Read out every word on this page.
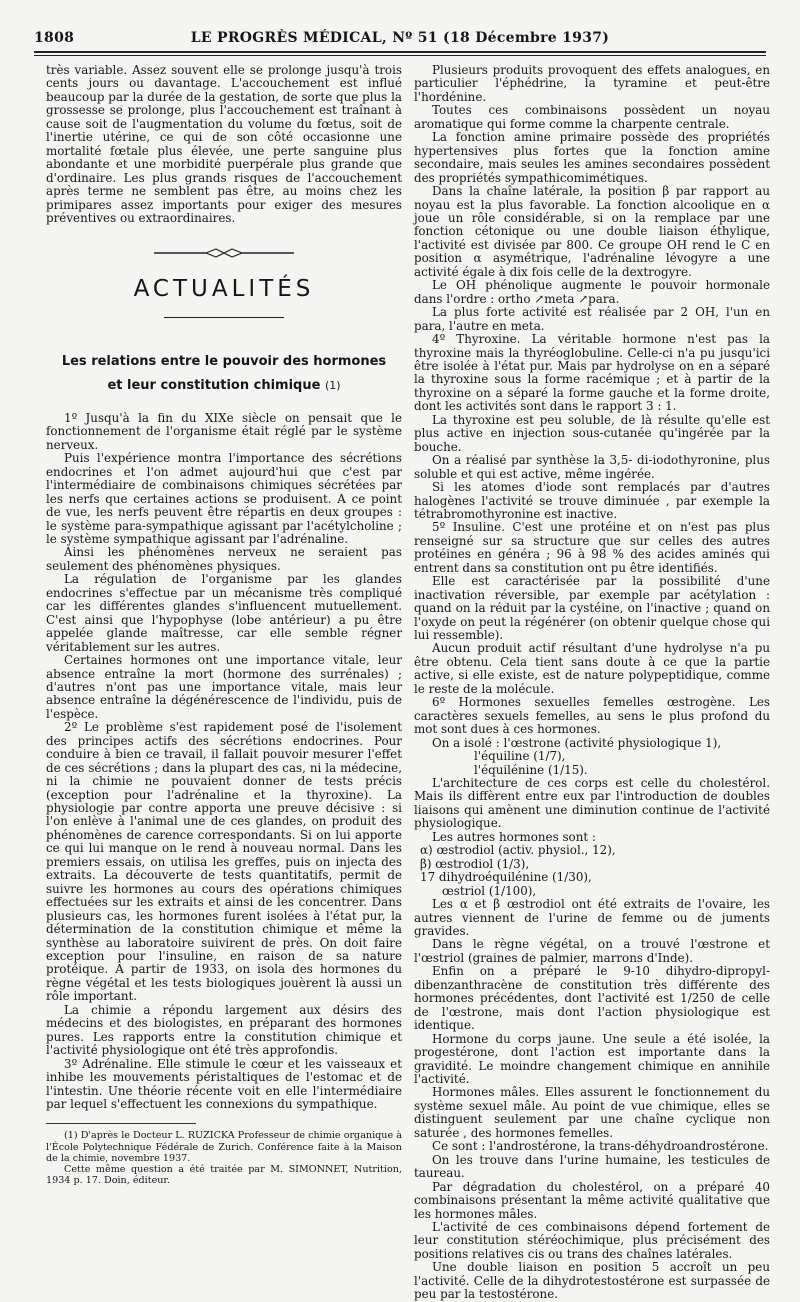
1808	LE PROGRÈS MÉDICAL, Nº 51 (18 Décembre 1937)

très variable. Assez souvent elle se prolonge jusqu'à trois cents jours ou davantage. L'accouchement est influé beaucoup par la durée de la gestation, de sorte que plus la grossesse se prolonge, plus l'accouchement est traînant à cause soit de l'augmentation du volume du fœtus, soit de l'inertie utérine, ce qui de son côté occasionne une mortalité fœtale plus élevée, une perte sanguine plus abondante et une morbidité puerpérale plus grande que d'ordinaire. Les plus grands risques de l'accouchement après terme ne semblent pas être, au moins chez les primipares assez importants pour exiger des mesures préventives ou extraordinaires.

ACTUALITÉS

Les relations entre le pouvoir des hormones
et leur constitution chimique (1)

1º Jusqu'à la fin du XIXe siècle on pensait que le fonctionnement de l'organisme était réglé par le système nerveux.

Puis l'expérience montra l'importance des sécrétions endocrines et l'on admet aujourd'hui que c'est par l'intermédiaire de combinaisons chimiques sécrétées par les nerfs que certaines actions se produisent. A ce point de vue, les nerfs peuvent être répartis en deux groupes : le système para-sympathique agissant par l'acétylcholine ; le système sympathique agissant par l'adrénaline.

Ainsi les phénomènes nerveux ne seraient pas seulement des phénomènes physiques.

La régulation de l'organisme par les glandes endocrines s'effectue par un mécanisme très compliqué car les différentes glandes s'influencent mutuellement. C'est ainsi que l'hypophyse (lobe antérieur) a pu être appelée glande maîtresse, car elle semble régner véritablement sur les autres.

Certaines hormones ont une importance vitale, leur absence entraîne la mort (hormone des surrénales) ; d'autres n'ont pas une importance vitale, mais leur absence entraîne la dégénérescence de l'individu, puis de l'espèce.

2º Le problème s'est rapidement posé de l'isolement des principes actifs des sécrétions endocrines. Pour conduire à bien ce travail, il fallait pouvoir mesurer l'effet de ces sécrétions ; dans la plupart des cas, ni la médecine, ni la chimie ne pouvaient donner de tests précis (exception pour l'adrénaline et la thyroxine). La physiologie par contre apporta une preuve décisive : si l'on enlève à l'animal une de ces glandes, on produit des phénomènes de carence correspondants. Si on lui apporte ce qui lui manque on le rend à nouveau normal. Dans les premiers essais, on utilisa les greffes, puis on injecta des extraits. La découverte de tests quantitatifs, permit de suivre les hormones au cours des opérations chimiques effectuées sur les extraits et ainsi de les concentrer. Dans plusieurs cas, les hormones furent isolées à l'état pur, la détermination de la constitution chimique et même la synthèse au laboratoire suivirent de près. On doit faire exception pour l'insuline, en raison de sa nature protéique. A partir de 1933, on isola des hormones du règne végétal et les tests biologiques jouèrent là aussi un rôle important.

La chimie a répondu largement aux désirs des médecins et des biologistes, en préparant des hormones pures. Les rapports entre la constitution chimique et l'activité physiologique ont été très approfondis.

3º Adrénaline. Elle stimule le cœur et les vaisseaux et inhibe les mouvements péristaltiques de l'estomac et de l'intestin. Une théorie récente voit en elle l'intermédiaire par lequel s'effectuent les connexions du sympathique.

(1) D'après le Docteur L. RUZICKA Professeur de chimie organique à l'École Polytechnique Fédérale de Zurich. Conférence faite à la Maison de la chimie, novembre 1937.

Cette même question a été traitée par M. SIMONNET, Nutrition, 1934 p. 17. Doin, éditeur.

Plusieurs produits provoquent des effets analogues, en particulier l'éphédrine, la tyramine et peut-être l'hordénine.

Toutes ces combinaisons possèdent un noyau aromatique qui forme comme la charpente centrale.

La fonction amine primaire possède des propriétés hypertensives plus fortes que la fonction amine secondaire, mais seules les amines secondaires possèdent des propriétés sympathicomimétiques.

Dans la chaîne latérale, la position β par rapport au noyau est la plus favorable. La fonction alcoolique en α joue un rôle considérable, si on la remplace par une fonction cétonique ou une double liaison éthylique, l'activité est divisée par 800. Ce groupe OH rend le C en position α asymétrique, l'adrénaline lévogyre a une activité égale à dix fois celle de la dextrogyre.

Le OH phénolique augmente le pouvoir hormonale dans l'ordre : ortho ↗meta ↗para.

La plus forte activité est réalisée par 2 OH, l'un en para, l'autre en meta.

4º Thyroxine. La véritable hormone n'est pas la thyroxine mais la thyréoglobuline. Celle-ci n'a pu jusqu'ici être isolée à l'état pur. Mais par hydrolyse on en a séparé la thyroxine sous la forme racémique ; et à partir de la thyroxine on a séparé la forme gauche et la forme droite, dont les activités sont dans le rapport 3 : 1.

La thyroxine est peu soluble, de là résulte qu'elle est plus active en injection sous-cutanée qu'ingérée par la bouche.

On a réalisé par synthèse la 3,5- di-iodothyronine, plus soluble et qui est active, même ingérée.

Si les atomes d'iode sont remplacés par d'autres halogènes l'activité se trouve diminuée , par exemple la tétrabromothyronine est inactive.

5º Insuline. C'est une protéine et on n'est pas plus renseigné sur sa structure que sur celles des autres protéines en généra ; 96 à 98 % des acides aminés qui entrent dans sa constitution ont pu être identifiés.

Elle est caractérisée par la possibilité d'une inactivation réversible, par exemple par acétylation : quand on la réduit par la cystéine, on l'inactive ; quand on l'oxyde on peut la régénérer (on obtenir quelque chose qui lui ressemble).

Aucun produit actif résultant d'une hydrolyse n'a pu être obtenu. Cela tient sans doute à ce que la partie active, si elle existe, est de nature polypeptidique, comme le reste de la molécule.

6º Hormones sexuelles femelles œstrogène. Les caractères sexuels femelles, au sens le plus profond du mot sont dues à ces hormones.

On a isolé : l'œstrone (activité physiologique 1),

l'équiline (1/7),

l'équilénine (1/15).

L'architecture de ces corps est celle du cholestérol. Mais ils diffèrent entre eux par l'introduction de doubles liaisons qui amènent une diminution continue de l'activité physiologique.

Les autres hormones sont :

α) œstrodiol (activ. physiol., 12),

β) œstrodiol (1/3),

17 dihydroéquilénine (1/30),

œstriol (1/100),

Les α et β œstrodiol ont été extraits de l'ovaire, les autres viennent de l'urine de femme ou de juments gravides.

Dans le règne végétal, on a trouvé l'œstrone et l'œstriol (graines de palmier, marrons d'Inde).

Enfin on a préparé le 9-10 dihydro-dipropyl-dibenzanthracène de constitution très différente des hormones précédentes, dont l'activité est 1/250 de celle de l'œstrone, mais dont l'action physiologique est identique.

Hormone du corps jaune. Une seule a été isolée, la progestérone, dont l'action est importante dans la gravidité. Le moindre changement chimique en annihile l'activité.

Hormones mâles. Elles assurent le fonctionnement du système sexuel mâle. Au point de vue chimique, elles se distinguent seulement par une chaîne cyclique non saturée , des hormones femelles.

Ce sont : l'androstérone, la trans-déhydroandrostérone.

On les trouve dans l'urine humaine, les testicules de taureau.

Par dégradation du cholestérol, on a préparé 40 combinaisons présentant la même activité qualitative que les hormones mâles.

L'activité de ces combinaisons dépend fortement de leur constitution stéréochimique, plus précisément des positions relatives cis ou trans des chaînes latérales.

Une double liaison en position 5 accroît un peu l'activité. Celle de la dihydrotestostérone est surpassée de peu par la testostérone.
